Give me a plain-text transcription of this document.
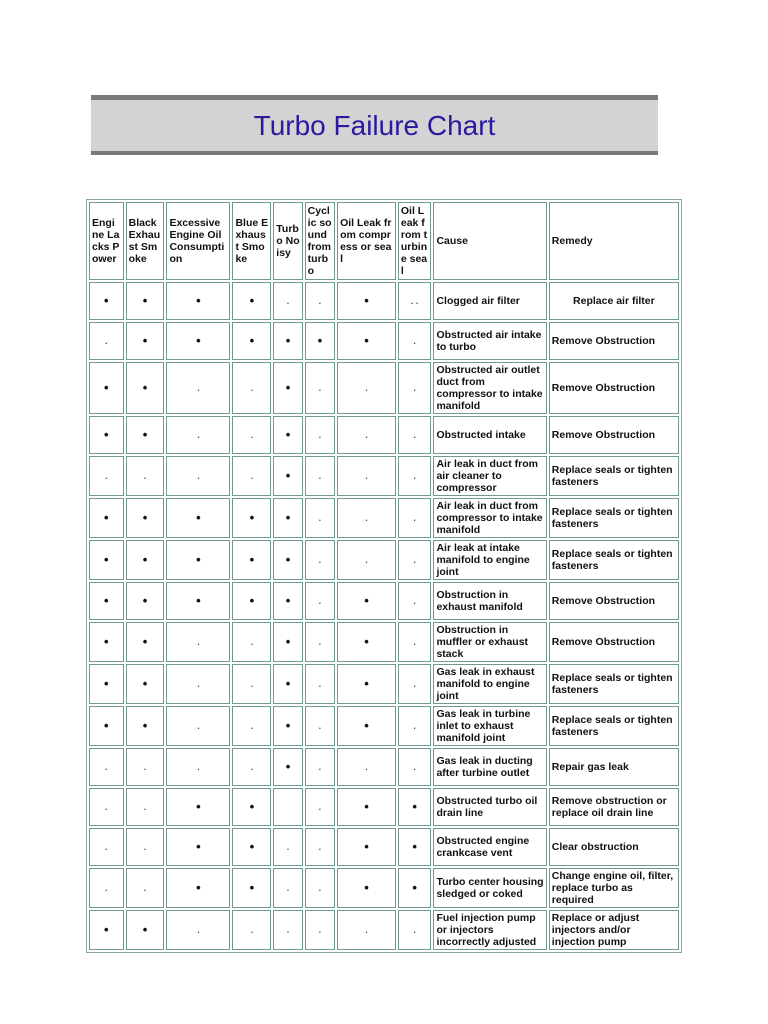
Turbo Failure Chart
Engine Lacks Power	Black Exhaust Smoke	Excessive Engine Oil Consumption	Blue Exhaust Smoke	Turbo Noisy	Cyclic sound from turbo	Oil Leak from compress or seal	Oil Leak from turbine seal	Cause	Remedy
•	•	•	•	.	.	•	. .	Clogged air filter	Replace air filter
.	•	•	•	•	•	•	.	Obstructed air intake to turbo	Remove Obstruction
•	•	.	.	•	.	.	.	Obstructed air outlet duct from compressor to intake manifold	Remove Obstruction
•	•	.	.	•	.	.	.	Obstructed intake	Remove Obstruction
.	.	.	.	•	.	.	.	Air leak in duct from air cleaner to compressor	Replace seals or tighten fasteners
•	•	•	•	•	.	.	.	Air leak in duct from compressor to intake manifold	Replace seals or tighten fasteners
•	•	•	•	•	.	.	.	Air leak at intake manifold to engine joint	Replace seals or tighten fasteners
•	•	•	•	•	.	•	.	Obstruction in exhaust manifold	Remove Obstruction
•	•	.	.	•	.	•	.	Obstruction in muffler or exhaust stack	Remove Obstruction
•	•	.	.	•	.	•	.	Gas leak in exhaust manifold to engine joint	Replace seals or tighten fasteners
•	•	.	.	•	.	•	.	Gas leak in turbine inlet to exhaust manifold joint	Replace seals or tighten fasteners
.	.	.	.	•	.	.	.	Gas leak in ducting after turbine outlet	Repair gas leak
.	.	•	•		.	•	•	Obstructed turbo oil drain line	Remove obstruction or replace oil drain line
.	.	•	•	.	.	•	•	Obstructed engine crankcase vent	Clear obstruction
.	.	•	•	.	.	•	•	Turbo center housing sledged or coked	Change engine oil, filter, replace turbo as required
•	•	.	.	.	.	.	.	Fuel injection pump or injectors incorrectly adjusted	Replace or adjust injectors and/or injection pump
